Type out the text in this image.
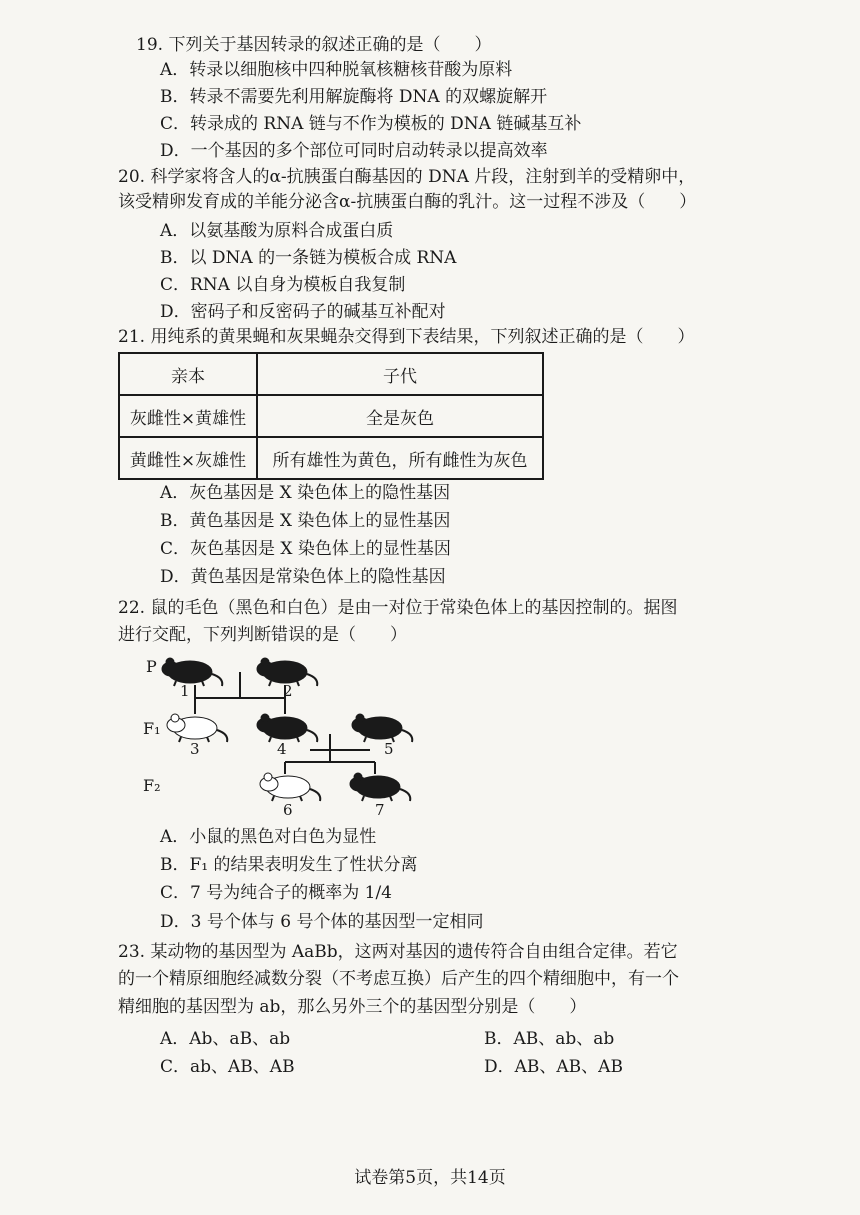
19. 下列关于基因转录的叙述正确的是（　　）
A．转录以细胞核中四种脱氧核糖核苷酸为原料
B．转录不需要先利用解旋酶将 DNA 的双螺旋解开
C．转录成的 RNA 链与不作为模板的 DNA 链碱基互补
D．一个基因的多个部位可同时启动转录以提高效率
20. 科学家将含人的α-抗胰蛋白酶基因的 DNA 片段，注射到羊的受精卵中，
该受精卵发育成的羊能分泌含α-抗胰蛋白酶的乳汁。这一过程不涉及（　　）
A．以氨基酸为原料合成蛋白质
B．以 DNA 的一条链为模板合成 RNA
C．RNA 以自身为模板自我复制
D．密码子和反密码子的碱基互补配对
21. 用纯系的黄果蝇和灰果蝇杂交得到下表结果，下列叙述正确的是（　　）
亲本	子代
灰雌性×黄雄性	全是灰色
黄雌性×灰雄性	所有雄性为黄色，所有雌性为灰色
A．灰色基因是 X 染色体上的隐性基因
B．黄色基因是 X 染色体上的显性基因
C．灰色基因是 X 染色体上的显性基因
D．黄色基因是常染色体上的隐性基因
22. 鼠的毛色（黑色和白色）是由一对位于常染色体上的基因控制的。据图
进行交配，下列判断错误的是（　　）
P
F₁
F₂
1	2
3	4	5
6	7
A．小鼠的黑色对白色为显性
B．F₁ 的结果表明发生了性状分离
C．7 号为纯合子的概率为 1/4
D．3 号个体与 6 号个体的基因型一定相同
23. 某动物的基因型为 AaBb，这两对基因的遗传符合自由组合定律。若它
的一个精原细胞经减数分裂（不考虑互换）后产生的四个精细胞中，有一个
精细胞的基因型为 ab，那么另外三个的基因型分别是（　　）
A．Ab、aB、ab	B．AB、ab、ab
C．ab、AB、AB	D．AB、AB、AB
试卷第5页，共14页
